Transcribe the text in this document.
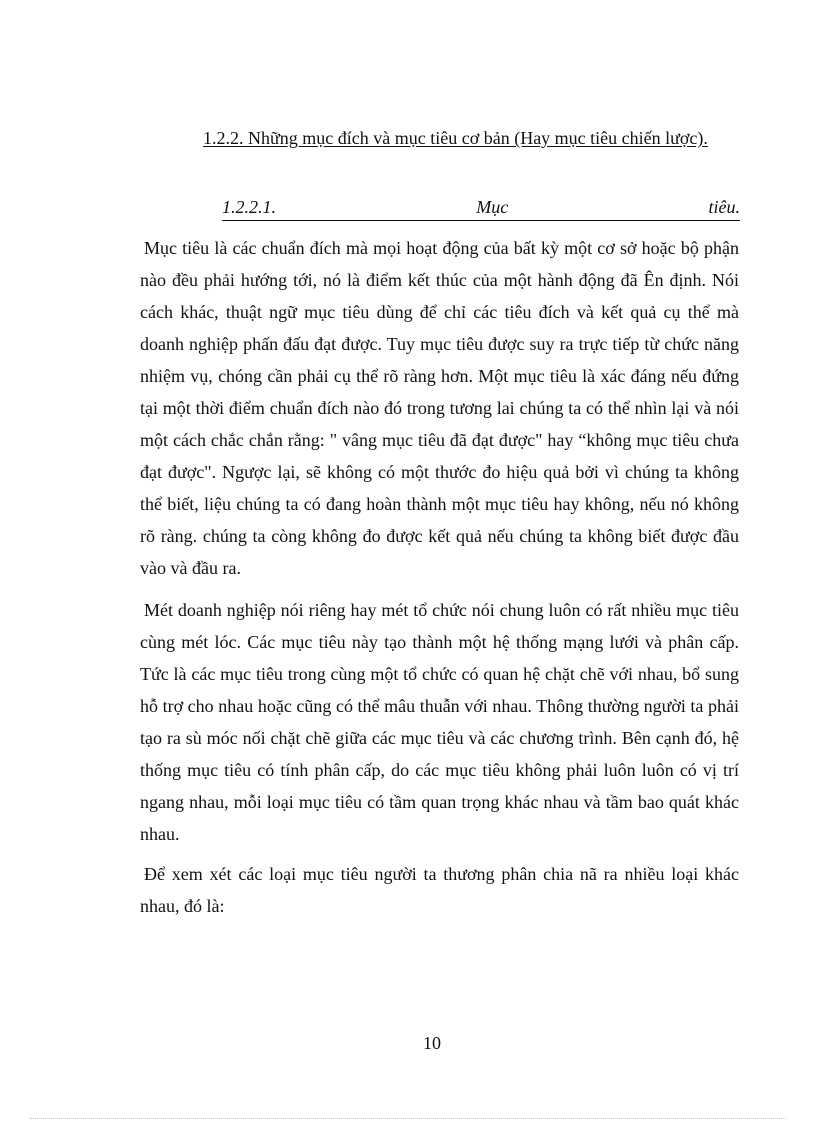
1.2.2. Những mục đích và mục tiêu cơ bản (Hay mục tiêu chiến lược).
1.2.2.1.	Mục	tiêu.

Mục tiêu là các chuẩn đích mà mọi hoạt động của bất kỳ một cơ sở hoặc bộ phận nào đều phải hướng tới, nó là điểm kết thúc của một hành động đã Ên định. Nói cách khác, thuật ngữ mục tiêu dùng để chỉ các tiêu đích và kết quả cụ thể mà doanh nghiệp phấn đấu đạt được. Tuy mục tiêu được suy ra trực tiếp từ chức năng nhiệm vụ, chóng cần phải cụ thể rõ ràng hơn. Một mục tiêu là xác đáng nếu đứng tại một thời điểm chuẩn đích nào đó trong tương lai chúng ta có thể nhìn lại và nói một cách chắc chắn rằng: " vâng mục tiêu đã đạt được" hay “không mục tiêu chưa đạt được". Ngược lại, sẽ không có một thước đo hiệu quả bởi vì chúng ta không thể biết, liệu chúng ta có đang hoàn thành một mục tiêu hay không, nếu nó không rõ ràng. chúng ta còng không đo được kết quả nếu chúng ta không biết được đầu vào và đầu ra.

Mét doanh nghiệp nói riêng hay mét tổ chức nói chung luôn có rất nhiều mục tiêu cùng mét lóc. Các mục tiêu này tạo thành một hệ thống mạng lưới và phân cấp. Tức là các mục tiêu trong cùng một tổ chức có quan hệ chặt chẽ với nhau, bổ sung hỗ trợ cho nhau hoặc cũng có thể mâu thuẫn với nhau. Thông thường người ta phải tạo ra sù móc nối chặt chẽ giữa các mục tiêu và các chương trình. Bên cạnh đó, hệ thống mục tiêu có tính phân cấp, do các mục tiêu không phải luôn luôn có vị trí ngang nhau, mỗi loại mục tiêu có tầm quan trọng khác nhau và tầm bao quát khác nhau.

Để xem xét các loại mục tiêu người ta thương phân chia nã ra nhiều loại khác nhau, đó là:

10
